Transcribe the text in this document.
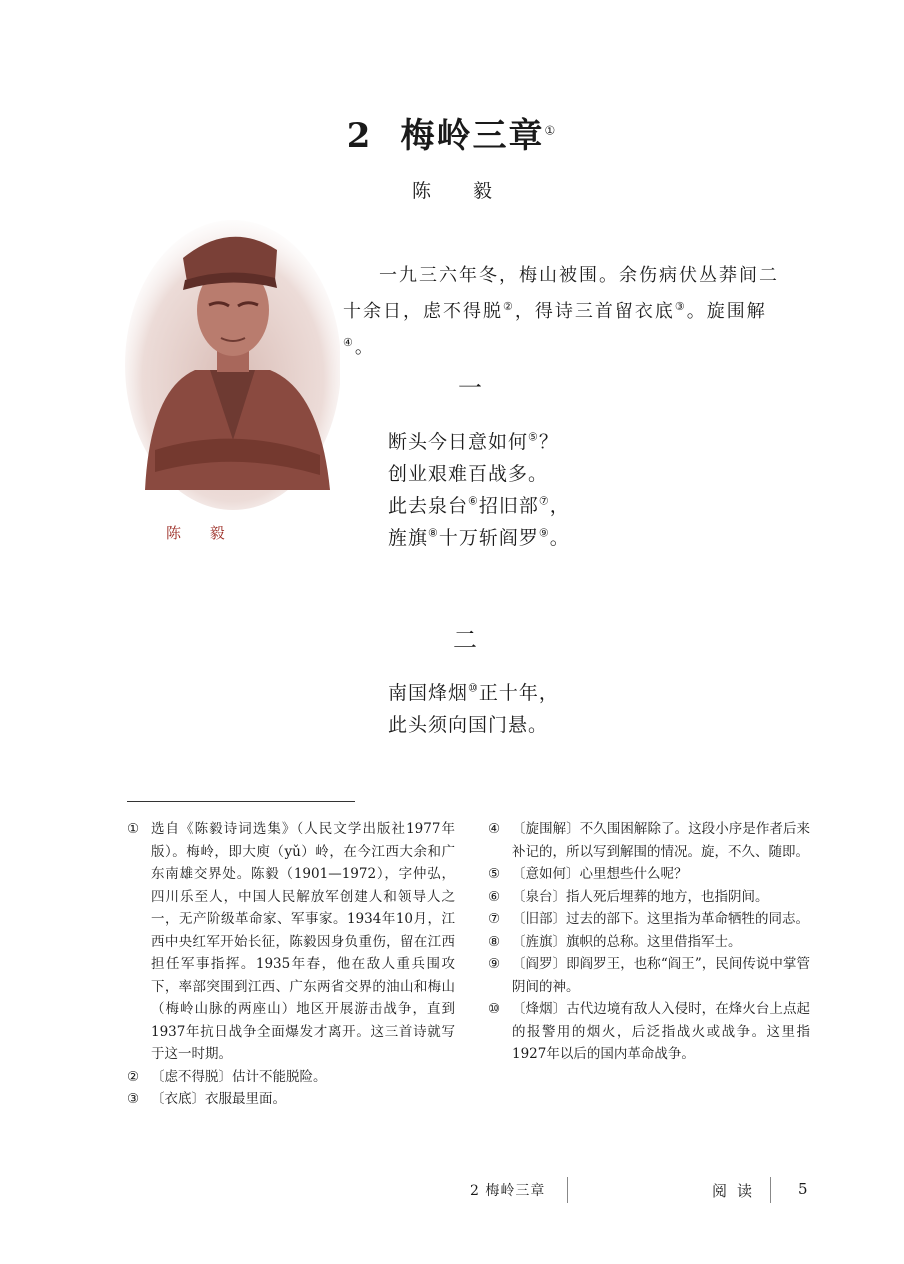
2 梅岭三章①
陈 毅
陈 毅
一九三六年冬，梅山被围。余伤病伏丛莽间二十余日，虑不得脱②，得诗三首留衣底③。旋围解④。
一
断头今日意如何⑤？
创业艰难百战多。
此去泉台⑥招旧部⑦，
旌旗⑧十万斩阎罗⑨。
二
南国烽烟⑩正十年，
此头须向国门悬。
① 选自《陈毅诗词选集》（人民文学出版社1977年版）。梅岭，即大庾（yǔ）岭，在今江西大余和广东南雄交界处。陈毅（1901—1972），字仲弘，四川乐至人，中国人民解放军创建人和领导人之一，无产阶级革命家、军事家。1934年10月，江西中央红军开始长征，陈毅因身负重伤，留在江西担任军事指挥。1935年春，他在敌人重兵围攻下，率部突围到江西、广东两省交界的油山和梅山（梅岭山脉的两座山）地区开展游击战争，直到1937年抗日战争全面爆发才离开。这三首诗就写于这一时期。
② 〔虑不得脱〕估计不能脱险。
③ 〔衣底〕衣服最里面。
④ 〔旋围解〕不久围困解除了。这段小序是作者后来补记的，所以写到解围的情况。旋，不久、随即。
⑤ 〔意如何〕心里想些什么呢？
⑥ 〔泉台〕指人死后埋葬的地方，也指阴间。
⑦ 〔旧部〕过去的部下。这里指为革命牺牲的同志。
⑧ 〔旌旗〕旗帜的总称。这里借指军士。
⑨ 〔阎罗〕即阎罗王，也称“阎王”，民间传说中掌管阴间的神。
⑩ 〔烽烟〕古代边境有敌人入侵时，在烽火台上点起的报警用的烟火，后泛指战火或战争。这里指1927年以后的国内革命战争。
2 梅岭三章	阅读 5
